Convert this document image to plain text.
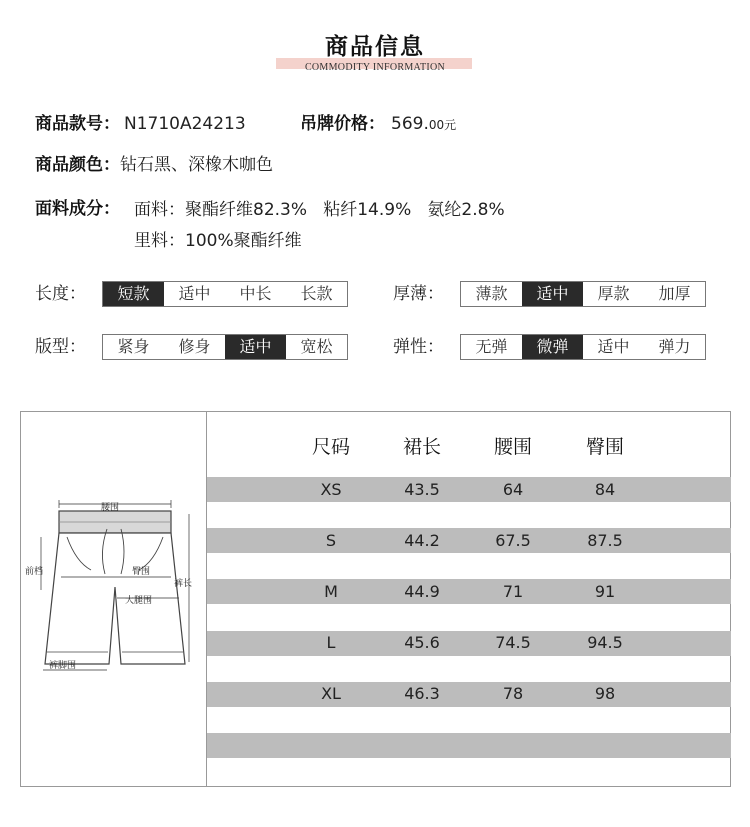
商品信息
COMMODITY INFORMATION
商品款号： N1710A24213	吊牌价格： 569.00元
商品颜色：钻石黑、深橡木咖色
面料成分： 面料：聚酯纤维82.3%   粘纤14.9%   氨纶2.8%
里料：100%聚酯纤维
长度：	短款	适中	中长	长款	厚薄：	薄款	适中	厚款	加厚
版型：	紧身	修身	适中	宽松	弹性：	无弹	微弹	适中	弹力
腰围
前档	臀围
裤长
大腿围
裤脚围
尺码	裙长	腰围	臀围
XS	43.5	64	84
S	44.2	67.5	87.5
M	44.9	71	91
L	45.6	74.5	94.5
XL	46.3	78	98
